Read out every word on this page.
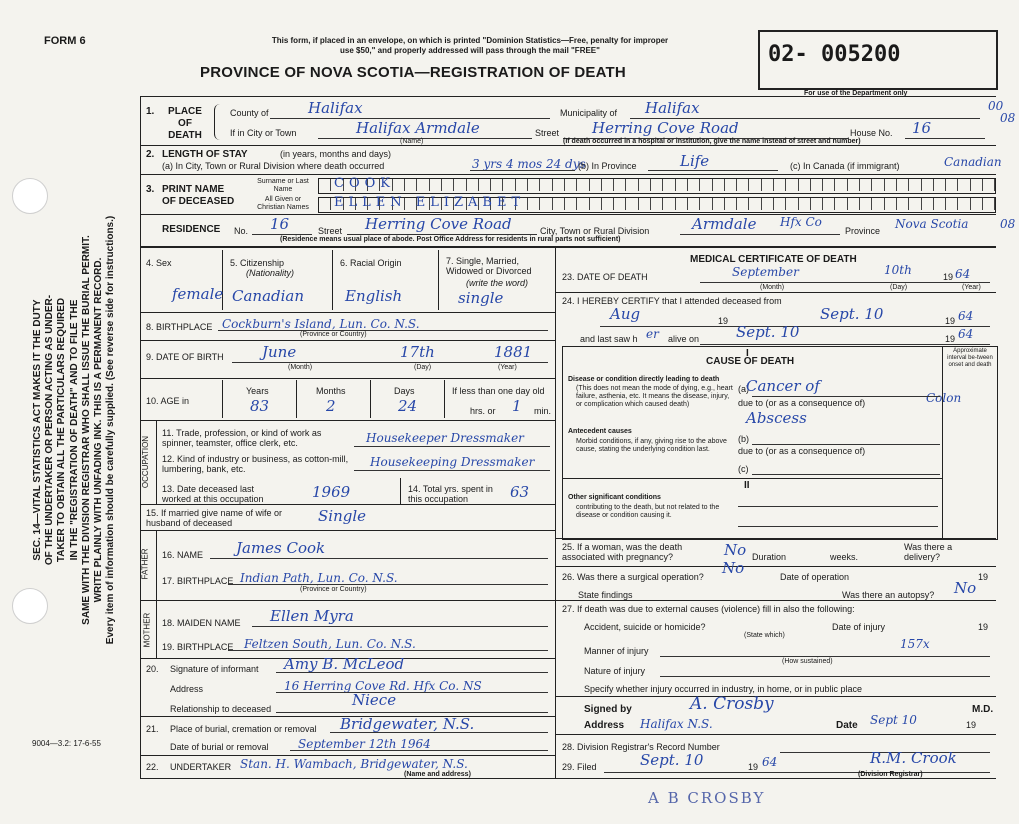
FORM 6
SEC. 14—VITAL STATISTICS ACT MAKES IT THE DUTY OF THE UNDERTAKER OR PERSON ACTING AS UNDER- TAKER TO OBTAIN ALL THE PARTICULARS REQUIRED IN THE "REGISTRATION OF DEATH" AND TO FILE THE SAME WITH THE DIVISION REGISTRAR WHO SHALL ISSUE THE BURIAL PERMIT. WRITE PLAINLY WITH UNFADING INK. THIS IS A PERMANENT RECORD. Every item of information should be carefully supplied. (See reverse side for instructions.)
9004—3.2: 17-6-55
This form, if placed in an envelope, on which is printed "Dominion Statistics—Free, penalty for improper
use $50," and properly addressed will pass through the mail "FREE"
PROVINCE OF NOVA SCOTIA—REGISTRATION OF DEATH
02- 005200
For use of the Department only
1.	PLACE OF DEATH
County of	Halifax	Municipality of Halifax
If in City or Town	Halifax Armdale
(Name)
Street Herring Cove Road	House No. 16
(If death occurred in a hospital or institution, give the name instead of street and number)
2. LENGTH OF STAY	(in years, months and days)
(a) In City, Town or Rural Division where death occurred	3 yrs 4 mos 24 dys
(b) In Province	Life	(c) In Canada (if immigrant)	Canadian
3. PRINT NAME
OF DECEASED
Surname or Last Name
All Given or Christian Names
COOK
ELLEN ELIZABET
RESIDENCE No. 16	Street Herring Cove Road	City, Town or Rural Division	Armdale Hfx Co
Province Nova Scotia
(Residence means usual place of abode. Post Office Address for residents in rural parts not sufficient)
4. Sex
female
5. Citizenship
(Nationality)
Canadian
6. Racial Origin
English
7. Single, Married, Widowed or Divorced
(write the word)
single
8. BIRTHPLACE Cockburn's Island, Lun. Co. N.S.
(Province or Country)
9. DATE OF BIRTH	June	17th	1881
(Month)	(Day)	(Year)
10. AGE in
Years	Months	Days	If less than one day old
83	2	24	hrs. or 1 min.
OCCUPATION
11. Trade, profession, or kind of work as spinner, teamster, office clerk, etc.	Housekeeper Dressmaker
12. Kind of industry or business, as cotton-mill, lumbering, bank, etc.	Housekeeping Dressmaker
13. Date deceased last worked at this occupation	1969	14. Total yrs. spent in this occupation	63
15. If married give name of wife or husband of deceased	Single
FATHER
MOTHER
16. NAME James Cook
17. BIRTHPLACE Indian Path, Lun. Co. N.S.
(Province or Country)
18. MAIDEN NAME Ellen Myra
19. BIRTHPLACE Feltzen South, Lun. Co. N.S.
20. Signature of informant Amy B. McLeod
Address	16 Herring Cove Rd. Hfx Co. NS
Relationship to deceased	Niece
21. Place of burial, cremation or removal Bridgewater, N.S.
Date of burial or removal September 12th 1964
22. UNDERTAKER Stan. H. Wambach, Bridgewater, N.S.
(Name and address)
MEDICAL CERTIFICATE OF DEATH
23. DATE OF DEATH	September	10th	19 64
(Month)	(Day)	(Year)
24. I HEREBY CERTIFY that I attended deceased from
Aug	19	Sept. 10	19 64
and last saw h er alive on Sept. 10	19 64
Approximate interval be-tween onset and death
I
CAUSE OF DEATH
Disease or condition directly leading to death
(This does not mean the mode of dying, e.g., heart failure, asthenia, etc. It means the disease, injury, or complication which caused death)
(a)
Cancer of
Colon
due to (or as a consequence of)
Antecedent causes
Morbid conditions, if any, giving rise to the above cause, stating the underlying condition last.
(b)
Abscess
due to (or as a consequence of)
(c)
II
Other significant conditions
contributing to the death, but not related to the disease or condition causing it.
25. If a woman, was the death associated with pregnancy?	No Duration	weeks.
Was there a delivery?
26. Was there a surgical operation? No	Date of operation	19
State findings	Was there an autopsy? No
27. If death was due to external causes (violence) fill in also the following:
Accident, suicide or homicide?
(State which)
Date of injury	19
Manner of injury	157x
(How sustained)
Nature of injury
Specify whether injury occurred in industry, in home, or in public place
Signed by	A. Crosby	M.D.
Address Halifax N.S.	Date Sept 10	19
28. Division Registrar's Record Number
29. Filed	Sept. 10	19 64	R.M. Crook
(Division Registrar)
A B CROSBY
00
08
08
